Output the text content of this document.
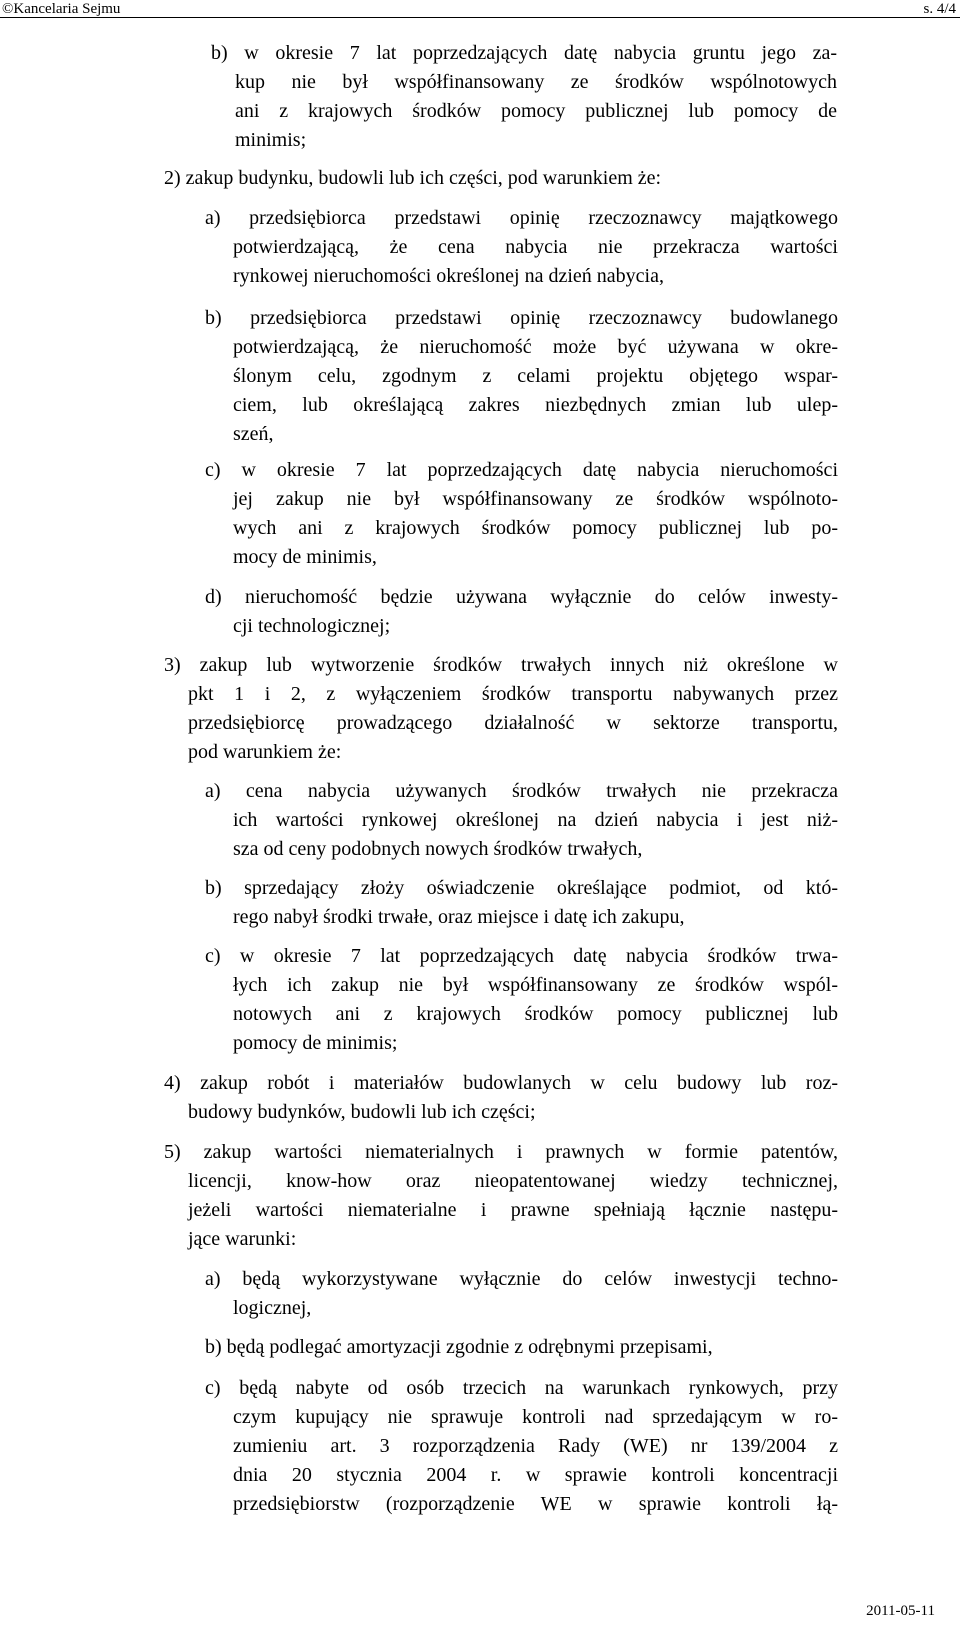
©Kancelaria Sejmu	s. 4/4
b) w okresie 7 lat poprzedzających datę nabycia gruntu jego za-
kup nie był współfinansowany ze środków wspólnotowych
ani z krajowych środków pomocy publicznej lub pomocy de
minimis;
2) zakup budynku, budowli lub ich części, pod warunkiem że:
a) przedsiębiorca przedstawi opinię rzeczoznawcy majątkowego
potwierdzającą, że cena nabycia nie przekracza wartości
rynkowej nieruchomości określonej na dzień nabycia,
b) przedsiębiorca przedstawi opinię rzeczoznawcy budowlanego
potwierdzającą, że nieruchomość może być używana w okre-
ślonym celu, zgodnym z celami projektu objętego wspar-
ciem, lub określającą zakres niezbędnych zmian lub ulep-
szeń,
c) w okresie 7 lat poprzedzających datę nabycia nieruchomości
jej zakup nie był współfinansowany ze środków wspólnoto-
wych ani z krajowych środków pomocy publicznej lub po-
mocy de minimis,
d) nieruchomość będzie używana wyłącznie do celów inwesty-
cji technologicznej;
3) zakup lub wytworzenie środków trwałych innych niż określone w
pkt 1 i 2, z wyłączeniem środków transportu nabywanych przez
przedsiębiorcę prowadzącego działalność w sektorze transportu,
pod warunkiem że:
a) cena nabycia używanych środków trwałych nie przekracza
ich wartości rynkowej określonej na dzień nabycia i jest niż-
sza od ceny podobnych nowych środków trwałych,
b) sprzedający złoży oświadczenie określające podmiot, od któ-
rego nabył środki trwałe, oraz miejsce i datę ich zakupu,
c) w okresie 7 lat poprzedzających datę nabycia środków trwa-
łych ich zakup nie był współfinansowany ze środków wspól-
notowych ani z krajowych środków pomocy publicznej lub
pomocy de minimis;
4) zakup robót i materiałów budowlanych w celu budowy lub roz-
budowy budynków, budowli lub ich części;
5) zakup wartości niematerialnych i prawnych w formie patentów,
licencji, know-how oraz nieopatentowanej wiedzy technicznej,
jeżeli wartości niematerialne i prawne spełniają łącznie następu-
jące warunki:
a) będą wykorzystywane wyłącznie do celów inwestycji techno-
logicznej,
b) będą podlegać amortyzacji zgodnie z odrębnymi przepisami,
c) będą nabyte od osób trzecich na warunkach rynkowych, przy
czym kupujący nie sprawuje kontroli nad sprzedającym w ro-
zumieniu art. 3 rozporządzenia Rady (WE) nr 139/2004 z
dnia 20 stycznia 2004 r. w sprawie kontroli koncentracji
przedsiębiorstw (rozporządzenie WE w sprawie kontroli łą-
2011-05-11
